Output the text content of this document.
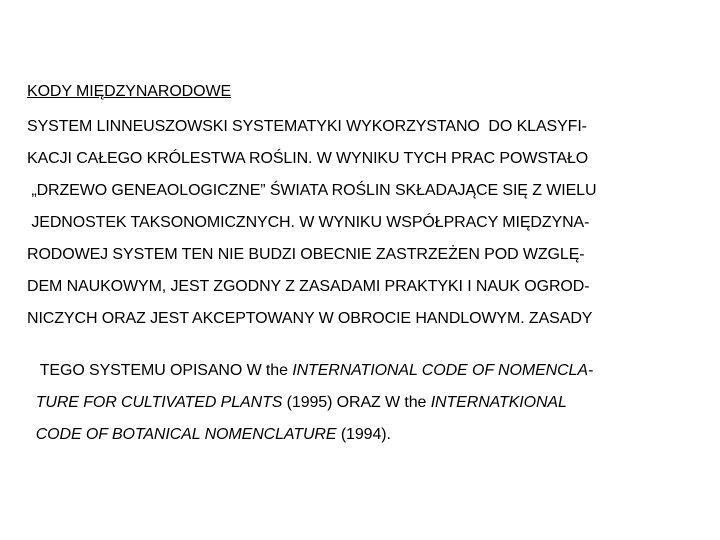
KODY MIĘDZYNARODOWE
SYSTEM LINNEUSZOWSKI SYSTEMATYKI WYKORZYSTANO  DO KLASYFI-
KACJI CAŁEGO KRÓLESTWA ROŚLIN. W WYNIKU TYCH PRAC POWSTAŁO
„DRZEWO GENEAOLOGICZNE” ŚWIATA ROŚLIN SKŁADAJĄCE SIĘ Z WIELU
JEDNOSTEK TAKSONOMICZNYCH. W WYNIKU WSPÓŁPRACY MIĘDZYNA-
RODOWEJ SYSTEM TEN NIE BUDZI OBECNIE ZASTRZEŻEN POD WZGLĘ-
DEM NAUKOWYM, JEST ZGODNY Z ZASADAMI PRAKTYKI I NAUK OGROD-
NICZYCH ORAZ JEST AKCEPTOWANY W OBROCIE HANDLOWYM. ZASADY

TEGO SYSTEMU OPISANO W the INTERNATIONAL CODE OF NOMENCLA-

TURE FOR CULTIVATED PLANTS (1995) ORAZ W the INTERNATKIONAL

CODE OF BOTANICAL NOMENCLATURE (1994).
